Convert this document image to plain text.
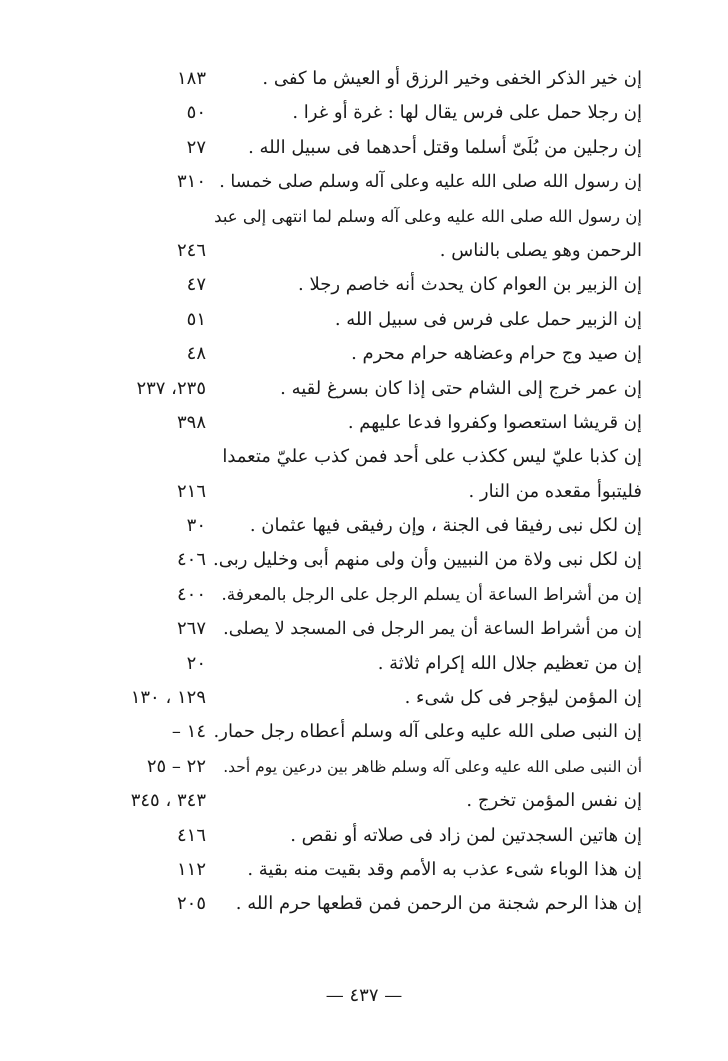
إن خير الذكر الخفى وخير الرزق أو العيش ما كفى .
١٨٣
إن رجلا حمل على فرس يقال لها : غرة أو غرا .
٥٠
إن رجلين من بُلَىّ أسلما وقتل أحدهما فى سبيل الله .
٢٧
إن رسول الله صلى الله عليه وعلى آله وسلم صلى خمسا .
٣١٠
إن رسول الله صلى الله عليه وعلى آله وسلم لما انتهى إلى عبد
الرحمن وهو يصلى بالناس .
٢٤٦
إن الزبير بن العوام كان يحدث أنه خاصم رجلا .
٤٧
إن الزبير حمل على فرس فى سبيل الله .
٥١
إن صيد وج حرام وعضاهه حرام محرم .
٤٨
إن عمر خرج إلى الشام حتى إذا كان بسرغ لقيه .
٢٣٥، ٢٣٧
إن قريشا استعصوا وكفروا فدعا عليهم .
٣٩٨
إن كذبا عليّ ليس ككذب على أحد فمن كذب عليّ متعمدا
فليتبوأ مقعده من النار .
٢١٦
إن لكل نبى رفيقا فى الجنة ، وإن رفيقى فيها عثمان .
٣٠
إن لكل نبى ولاة من النبيين وأن ولى منهم أبى وخليل ربى.
٤٠٦
إن من أشراط الساعة أن يسلم الرجل على الرجل بالمعرفة.
٤٠٠
إن من أشراط الساعة أن يمر الرجل فى المسجد لا يصلى.
٢٦٧
إن من تعظيم جلال الله إكرام ثلاثة .
٢٠
إن المؤمن ليؤجر فى كل شىء .
١٢٩ ، ١٣٠
إن النبى صلى الله عليه وعلى آله وسلم أعطاه رجل حمار.
١٤ –
أن النبى صلى الله عليه وعلى آله وسلم ظاهر بين درعين يوم أحد.
٢٢ – ٢٥
إن نفس المؤمن تخرج .
٣٤٣ ، ٣٤٥
إن هاتين السجدتين لمن زاد فى صلاته أو نقص .
٤١٦
إن هذا الوباء شىء عذب به الأمم وقد بقيت منه بقية .
١١٢
إن هذا الرحم شجنة من الرحمن فمن قطعها حرم الله .
٢٠٥
— ٤٣٧ —
